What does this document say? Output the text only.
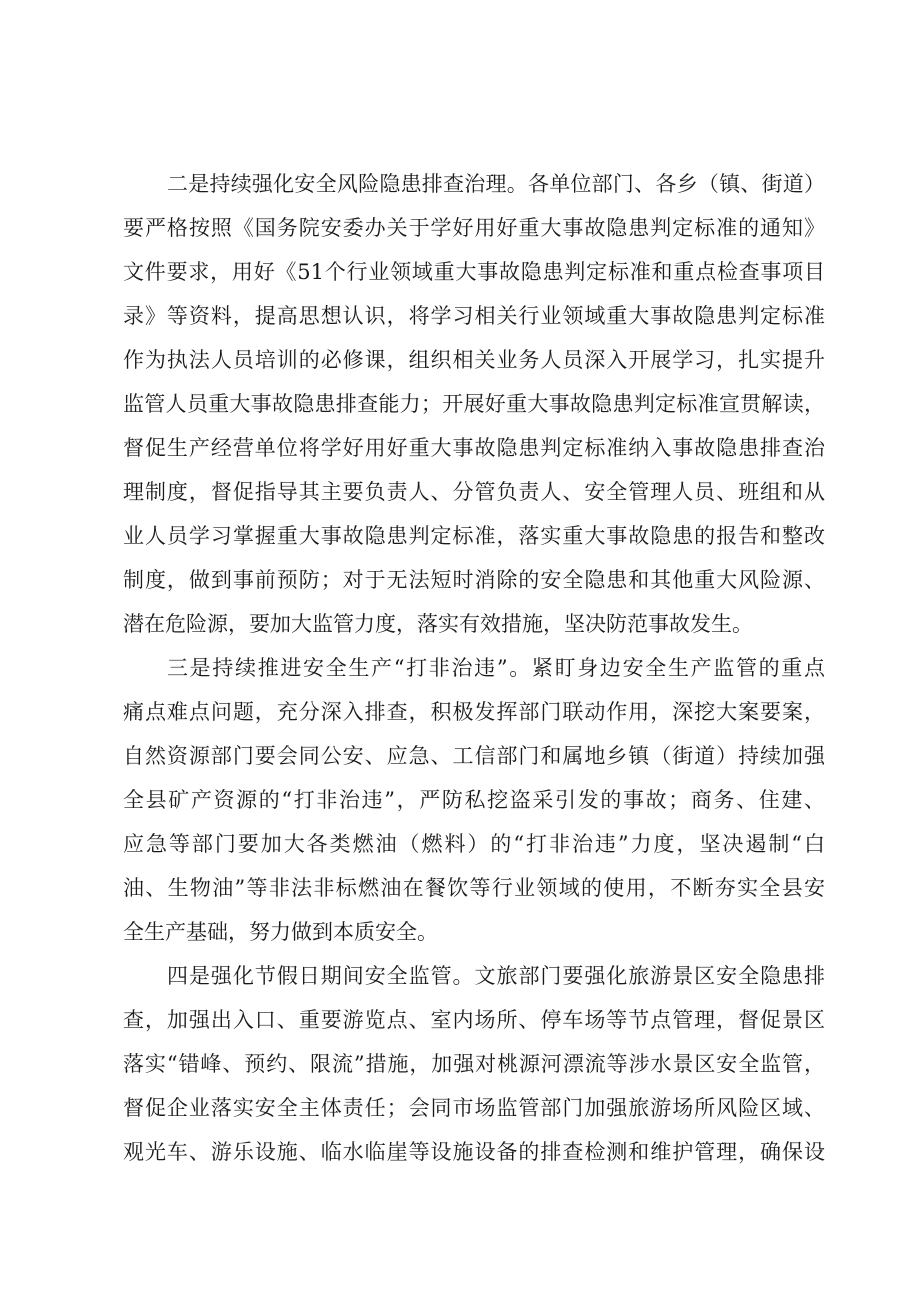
二是持续强化安全风险隐患排查治理。各单位部门、各乡（镇、街道）
要严格按照《国务院安委办关于学好用好重大事故隐患判定标准的通知》
文件要求，用好《51个行业领域重大事故隐患判定标准和重点检查事项目
录》等资料，提高思想认识，将学习相关行业领域重大事故隐患判定标准
作为执法人员培训的必修课，组织相关业务人员深入开展学习，扎实提升
监管人员重大事故隐患排查能力；开展好重大事故隐患判定标准宣贯解读，
督促生产经营单位将学好用好重大事故隐患判定标准纳入事故隐患排查治
理制度，督促指导其主要负责人、分管负责人、安全管理人员、班组和从
业人员学习掌握重大事故隐患判定标准，落实重大事故隐患的报告和整改
制度，做到事前预防；对于无法短时消除的安全隐患和其他重大风险源、
潜在危险源，要加大监管力度，落实有效措施，坚决防范事故发生。
三是持续推进安全生产“打非治违”。紧盯身边安全生产监管的重点
痛点难点问题，充分深入排查，积极发挥部门联动作用，深挖大案要案，
自然资源部门要会同公安、应急、工信部门和属地乡镇（街道）持续加强
全县矿产资源的“打非治违”，严防私挖盗采引发的事故；商务、住建、
应急等部门要加大各类燃油（燃料）的“打非治违”力度，坚决遏制“白
油、生物油”等非法非标燃油在餐饮等行业领域的使用，不断夯实全县安
全生产基础，努力做到本质安全。
四是强化节假日期间安全监管。文旅部门要强化旅游景区安全隐患排
查，加强出入口、重要游览点、室内场所、停车场等节点管理，督促景区
落实“错峰、预约、限流”措施，加强对桃源河漂流等涉水景区安全监管，
督促企业落实安全主体责任；会同市场监管部门加强旅游场所风险区域、
观光车、游乐设施、临水临崖等设施设备的排查检测和维护管理，确保设
